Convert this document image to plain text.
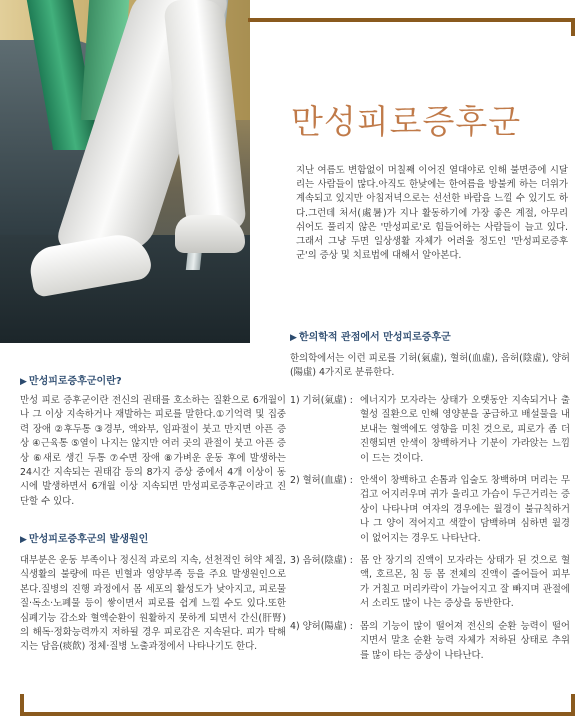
만성피로증후군

지난 여름도 변함없이 머칠째 이어진 열대야로 인해 불면증에 시달리는 사람들이 많다.아직도 한낮에는 한여름을 방불케 하는 더위가 계속되고 있지만 아침저녁으로는 선선한 바람을 느낄 수 있기도 하다.그런데 처서(處暑)가 지나 활동하기에 가장 좋은 계절, 아무리 쉬어도 풀리지 않은 '만성피로'로 힘들어하는 사람들이 늘고 있다. 그래서 그냥 두면 일상생활 자체가 어려울 정도인 '만성피로증후군'의 증상 및 치료법에 대해서 알아본다.

▶ 한의학적 관점에서 만성피로증후군

한의학에서는 이런 피로를 기허(氣虛), 혈허(血虛), 음허(陰虛), 양허(陽虛) 4가지로 분류한다.

▶ 만성피로증후군이란?

만성 피로 증후군이란 전신의 권태를 호소하는 질환으로 6개월이나 그 이상 지속하거나 재발하는 피로를 말한다.①기억력 및 집중력 장애 ②후두통 ③경부, 액와부, 임파절이 붓고 만지면 아픈 증상 ④근육통 ⑤열이 나지는 않지만 여러 곳의 관절이 붓고 아픈 증상 ⑥새로 생긴 두통 ⑦수면 장애 ⑧가벼운 운동 후에 발생하는 24시간 지속되는 권태감 등의 8가지 증상 중에서 4개 이상이 동시에 발생하면서 6개월 이상 지속되면 만성피로증후군이라고 진단할 수 있다.

▶ 만성피로증후군의 발생원인

대부분은 운동 부족이나 정신적 과로의 지속, 선천적인 허약 체질, 식생활의 불량에 따른 빈혈과 영양부족 등을 주요 발생원인으로 본다.질병의 진행 과정에서 몸 세포의 활성도가 낮아지고, 피로물질·독소·노폐물 등이 쌓이면서 피로를 쉽게 느낄 수도 있다.또한 심폐기능 감소와 혈액순환이 원활하지 못하게 되면서 간신(肝腎)의 해독·정화능력까지 저하될 경우 피로감은 지속된다. 피가 탁해지는 담음(痰飮) 정체·질병 노출과정에서 나타나기도 한다.

1) 기허(氣虛) : 에너지가 모자라는 상태가 오랫동안 지속되거나 출혈성 질환으로 인해 영양분을 공급하고 배설물을 내보내는 혈액에도 영향을 미친 것으로, 피로가 좀 더 진행되면 안색이 창백하거나 기분이 가라앉는 느낌이 드는 것이다.
2) 혈허(血虛) : 안색이 창백하고 손톱과 입술도 창백하며 머리는 무겁고 어지러우며 귀가 울리고 가슴이 두근거리는 증상이 나타나며 여자의 경우에는 월경이 불규칙하거나 그 양이 적어지고 색깔이 담백하며 심하면 월경이 없어지는 경우도 나타난다.
3) 음허(陰虛) : 몸 안 장기의 진액이 모자라는 상태가 된 것으로 혈액, 호르몬, 침 등 몸 전체의 진액이 줄어들어 피부가 거칠고 머리카락이 가늘어지고 잘 빠지며 관절에서 소리도 많이 나는 증상을 동반한다.
4) 양허(陽虛) : 몸의 기능이 많이 떨어져 전신의 순환 능력이 떨어지면서 말초 순환 능력 자체가 저하된 상태로 추위를 많이 타는 증상이 나타난다.
